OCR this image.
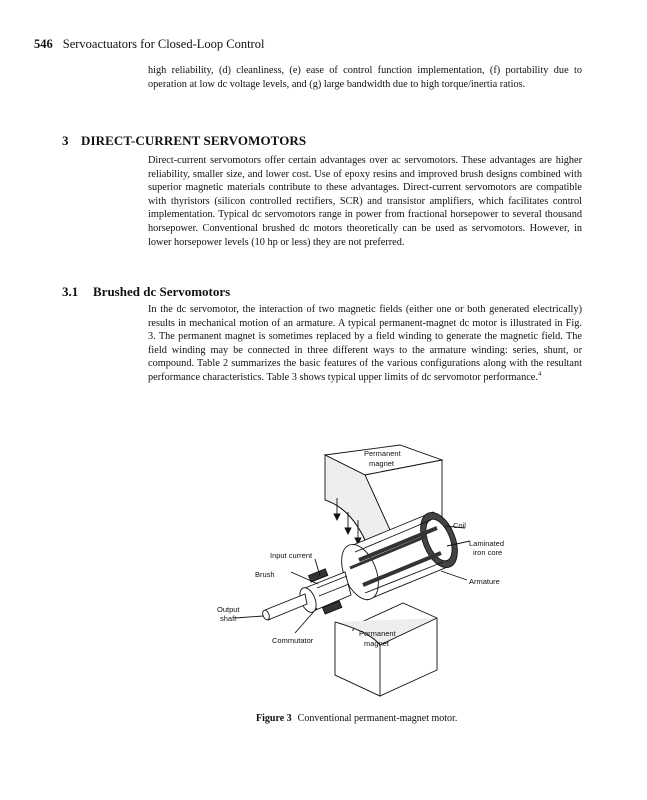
546 Servoactuators for Closed-Loop Control

high reliability, (d) cleanliness, (e) ease of control function implementation, (f) portability due to operation at low dc voltage levels, and (g) large bandwidth due to high torque/inertia ratios.

3 DIRECT-CURRENT SERVOMOTORS

Direct-current servomotors offer certain advantages over ac servomotors. These advantages are higher reliability, smaller size, and lower cost. Use of epoxy resins and improved brush designs combined with superior magnetic materials contribute to these advantages. Direct-current servomotors are compatible with thyristors (silicon controlled rectifiers, SCR) and transistor amplifiers, which facilitates control implementation. Typical dc servomotors range in power from fractional horsepower to several thousand horsepower. Conventional brushed dc motors theoretically can be used as servomotors. However, in lower horsepower levels (10 hp or less) they are not preferred.

3.1 Brushed dc Servomotors

In the dc servomotor, the interaction of two magnetic fields (either one or both generated electrically) results in mechanical motion of an armature. A typical permanent-magnet dc motor is illustrated in Fig. 3. The permanent magnet is sometimes replaced by a field winding to generate the magnetic field. The field winding may be connected in three different ways to the armature winding: series, shunt, or compound. Table 2 summarizes the basic features of the various configurations along with the resultant performance characteristics. Table 3 shows typical upper limits of dc servomotor performance.$^4$

Permanent
magnet
Coil
Laminated
iron core
Input current
Brush
Armature
Output
shaft
Commutator
Permanent
magnet
Figure 3 Conventional permanent-magnet motor.
